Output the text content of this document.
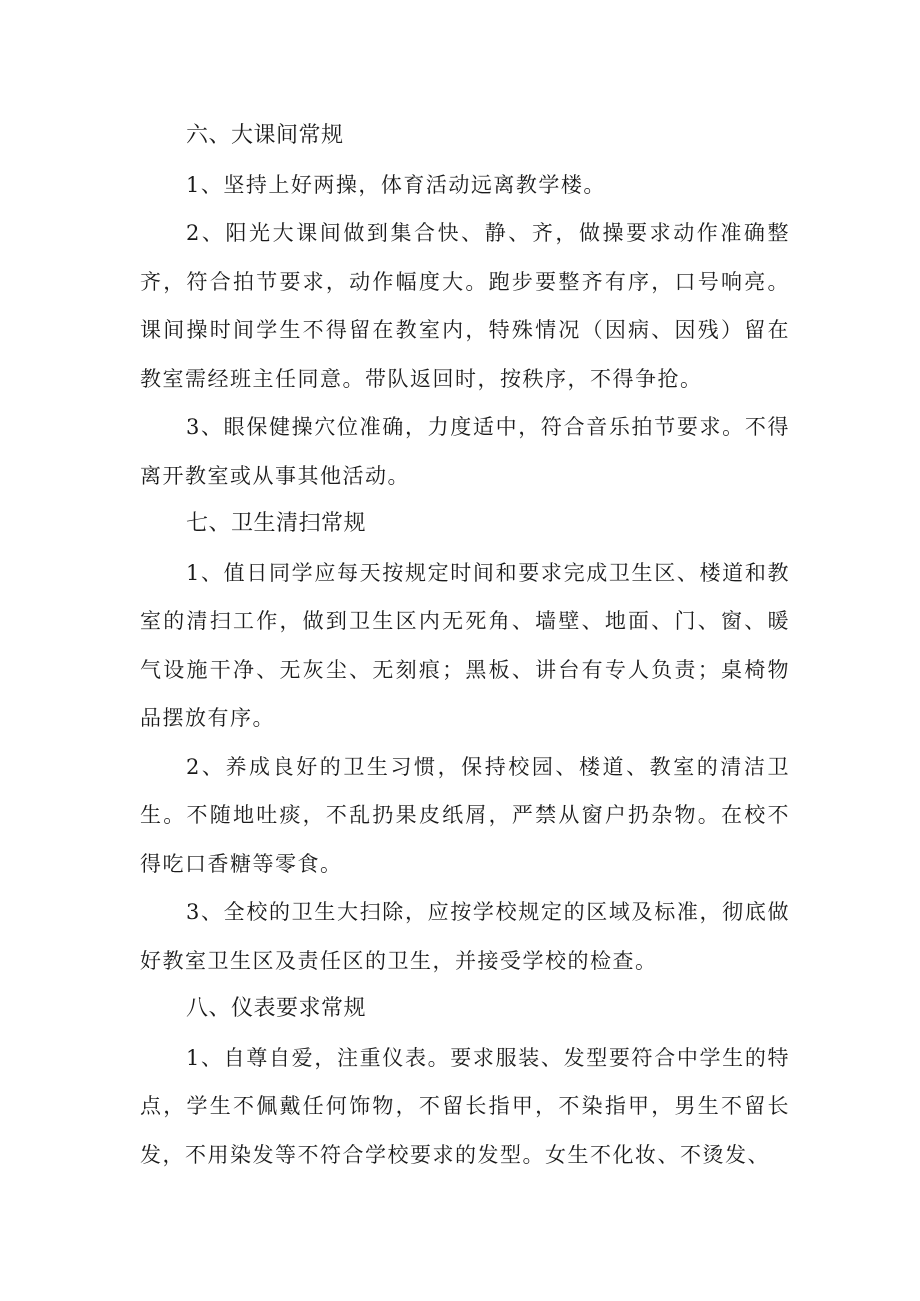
六、大课间常规

1、坚持上好两操，体育活动远离教学楼。

2、阳光大课间做到集合快、静、齐，做操要求动作准确整齐，符合拍节要求，动作幅度大。跑步要整齐有序，口号响亮。课间操时间学生不得留在教室内，特殊情况（因病、因残）留在教室需经班主任同意。带队返回时，按秩序，不得争抢。

3、眼保健操穴位准确，力度适中，符合音乐拍节要求。不得离开教室或从事其他活动。

七、卫生清扫常规

1、值日同学应每天按规定时间和要求完成卫生区、楼道和教室的清扫工作，做到卫生区内无死角、墙壁、地面、门、窗、暖气设施干净、无灰尘、无刻痕；黑板、讲台有专人负责；桌椅物品摆放有序。

2、养成良好的卫生习惯，保持校园、楼道、教室的清洁卫生。不随地吐痰，不乱扔果皮纸屑，严禁从窗户扔杂物。在校不得吃口香糖等零食。

3、全校的卫生大扫除，应按学校规定的区域及标准，彻底做好教室卫生区及责任区的卫生，并接受学校的检查。

八、仪表要求常规

1、自尊自爱，注重仪表。要求服装、发型要符合中学生的特点，学生不佩戴任何饰物，不留长指甲，不染指甲，男生不留长发，不用染发等不符合学校要求的发型。女生不化妆、不烫发、
